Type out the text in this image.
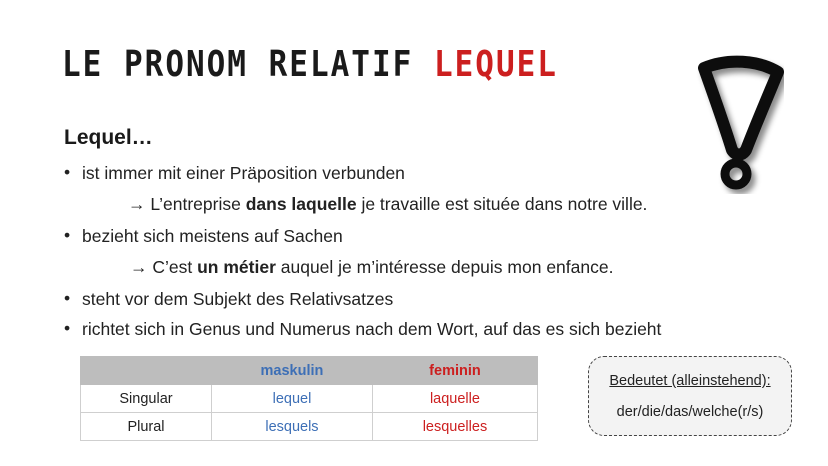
LE PRONOM RELATIF LEQUEL
Lequel…
• ist immer mit einer Präposition verbunden
→ L’entreprise dans laquelle je travaille est située dans notre ville.
• bezieht sich meistens auf Sachen
→ C’est un métier auquel je m’intéresse depuis mon enfance.
• steht vor dem Subjekt des Relativsatzes
• richtet sich in Genus und Numerus nach dem Wort, auf das es sich bezieht
	maskulin	feminin
Singular	lequel	laquelle
Plural	lesquels	lesquelles
Bedeutet (alleinstehend):
der/die/das/welche(r/s)
